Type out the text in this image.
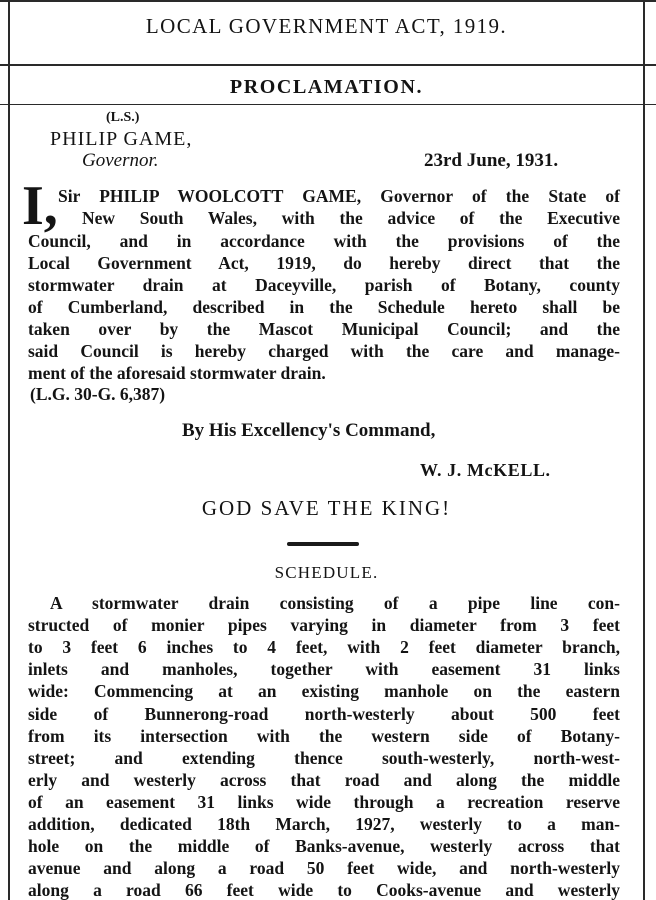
LOCAL GOVERNMENT ACT, 1919.
PROCLAMATION.
(L.S.)
PHILIP GAME,
Governor.	23rd June, 1931.
I, Sir PHILIP WOOLCOTT GAME, Governor of the State of
New South Wales, with the advice of the Executive
Council, and in accordance with the provisions of the
Local Government Act, 1919, do hereby direct that the
stormwater drain at Daceyville, parish of Botany, county
of Cumberland, described in the Schedule hereto shall be
taken over by the Mascot Municipal Council; and the
said Council is hereby charged with the care and manage-
ment of the aforesaid stormwater drain.
(L.G. 30-G. 6,387)
By His Excellency's Command,
W. J. McKELL.
GOD SAVE THE KING!
SCHEDULE.
A stormwater drain consisting of a pipe line con-
structed of monier pipes varying in diameter from 3 feet
to 3 feet 6 inches to 4 feet, with 2 feet diameter branch,
inlets and manholes, together with easement 31 links
wide: Commencing at an existing manhole on the eastern
side of Bunnerong-road north-westerly about 500 feet
from its intersection with the western side of Botany-
street; and extending thence south-westerly, north-west-
erly and westerly across that road and along the middle
of an easement 31 links wide through a recreation reserve
addition, dedicated 18th March, 1927, westerly to a man-
hole on the middle of Banks-avenue, westerly across that
avenue and along a road 50 feet wide, and north-westerly
along a road 66 feet wide to Cooks-avenue and westerly
